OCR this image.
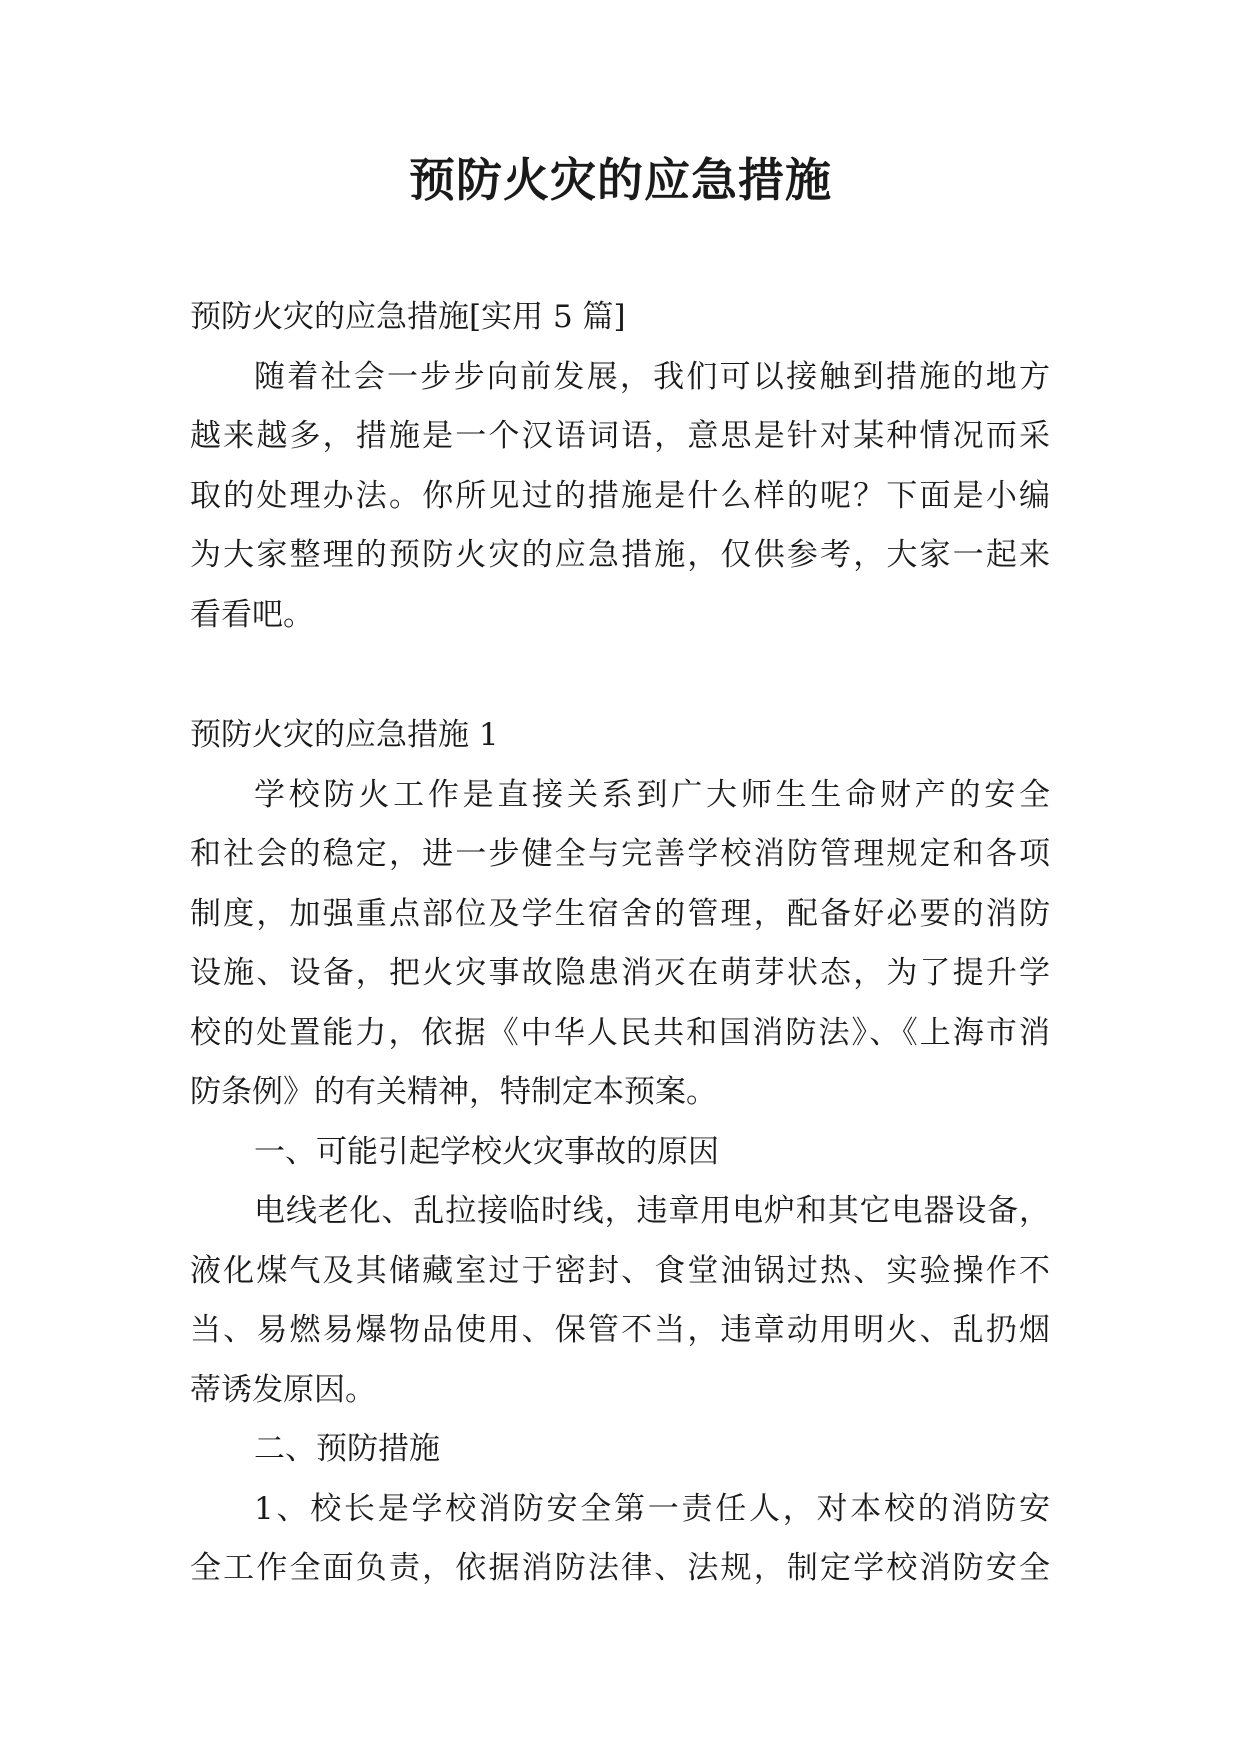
预防火灾的应急措施
预防火灾的应急措施[实用 5 篇]
随着社会一步步向前发展，我们可以接触到措施的地方
越来越多，措施是一个汉语词语，意思是针对某种情况而采
取的处理办法。你所见过的措施是什么样的呢？下面是小编
为大家整理的预防火灾的应急措施，仅供参考，大家一起来
看看吧。
预防火灾的应急措施 1
学校防火工作是直接关系到广大师生生命财产的安全
和社会的稳定，进一步健全与完善学校消防管理规定和各项
制度，加强重点部位及学生宿舍的管理，配备好必要的消防
设施、设备，把火灾事故隐患消灭在萌芽状态，为了提升学
校的处置能力，依据《中华人民共和国消防法》、《上海市消
防条例》的有关精神，特制定本预案。
一、可能引起学校火灾事故的原因
电线老化、乱拉接临时线，违章用电炉和其它电器设备，
液化煤气及其储藏室过于密封、食堂油锅过热、实验操作不
当、易燃易爆物品使用、保管不当，违章动用明火、乱扔烟
蒂诱发原因。
二、预防措施
1、校长是学校消防安全第一责任人，对本校的消防安
全工作全面负责，依据消防法律、法规，制定学校消防安全
